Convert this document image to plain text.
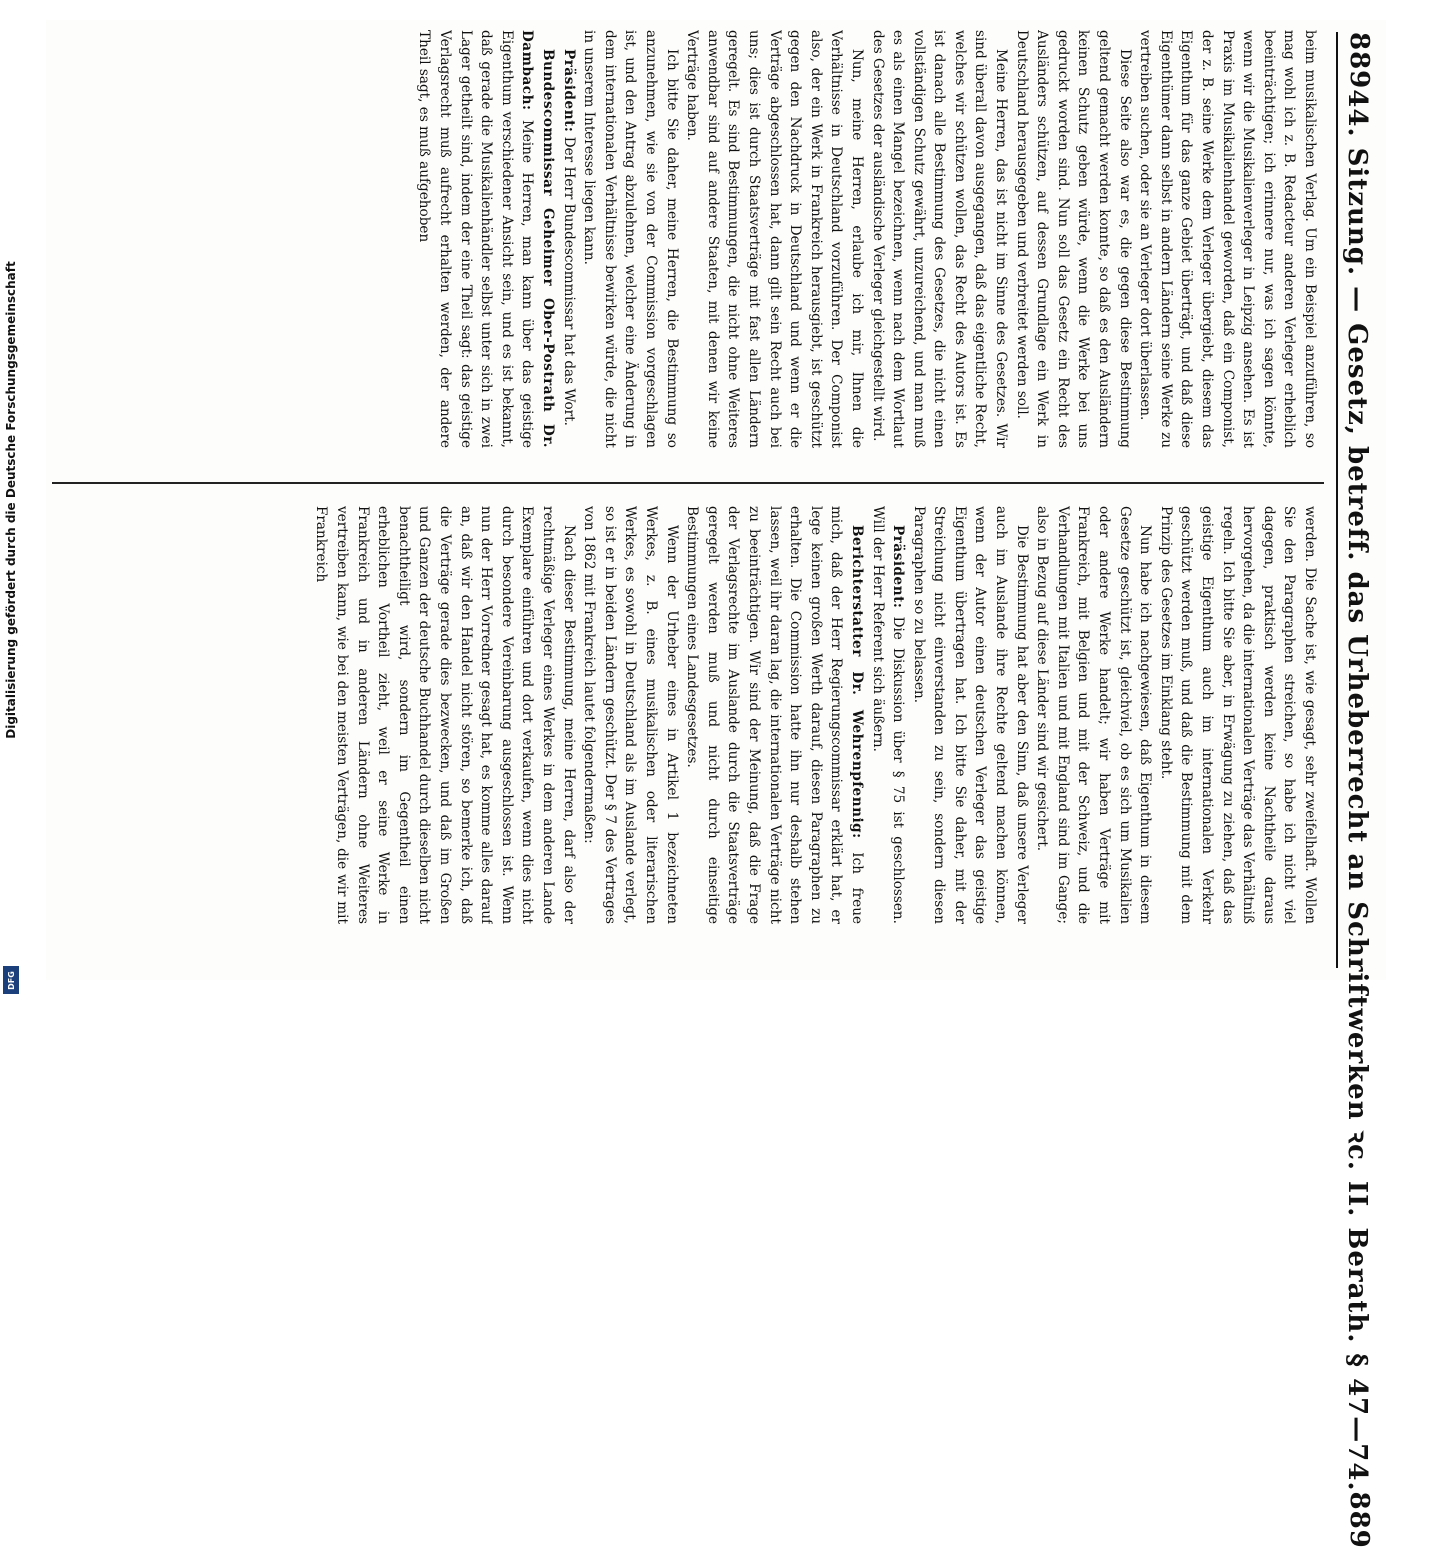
889
44. Sitzung. — Gesetz, betreff. das Urheberrecht an Schriftwerken ꝛc. II. Berath. § 47—74.
889

beim musikalischen Verlag. Um ein Beispiel anzuführen, so mag wohl ich z. B. Redacteur anderen Verleger erheblich beeinträchtigen; ich erinnere nur, was ich sagen könnte, wenn wir die Musikalienverleger in Leipzig ansehen. Es ist Praxis im Musikalienhandel geworden, daß ein Componist, der z. B. seine Werke dem Verleger übergiebt, diesem das Eigenthum für das ganze Gebiet überträgt, und daß diese Eigenthümer dann selbst in andern Ländern seine Werke zu vertreiben suchen, oder sie an Verleger dort überlassen.

Diese Seite also war es, die gegen diese Bestimmung geltend gemacht werden konnte, so daß es den Ausländern keinen Schutz geben würde, wenn die Werke bei uns gedruckt worden sind. Nun soll das Gesetz ein Recht des Ausländers schützen, auf dessen Grundlage ein Werk in Deutschland herausgegeben und verbreitet werden soll.

Meine Herren, das ist nicht im Sinne des Gesetzes. Wir sind überall davon ausgegangen, daß das eigentliche Recht, welches wir schützen wollen, das Recht des Autors ist. Es ist danach alle Bestimmung des Gesetzes, die nicht einen vollständigen Schutz gewährt, unzureichend, und man muß es als einen Mangel bezeichnen, wenn nach dem Wortlaut des Gesetzes der ausländische Verleger gleichgestellt wird.

Nun, meine Herren, erlaube ich mir, Ihnen die Verhältnisse in Deutschland vorzuführen. Der Componist also, der ein Werk in Frankreich herausgiebt, ist geschützt gegen den Nachdruck in Deutschland und wenn er die Verträge abgeschlossen hat, dann gilt sein Recht auch bei uns; dies ist durch Staatsverträge mit fast allen Ländern geregelt. Es sind Bestimmungen, die nicht ohne Weiteres anwendbar sind auf andere Staaten, mit denen wir keine Verträge haben.

Ich bitte Sie daher, meine Herren, die Bestimmung so anzunehmen, wie sie von der Commission vorgeschlagen ist, und den Antrag abzulehnen, welcher eine Änderung in dem internationalen Verhältnisse bewirken würde, die nicht in unserem Interesse liegen kann.

Präsident: Der Herr Bundescommissar hat das Wort.

Bundescommissar Geheimer Ober-Postrath Dr. Dambach: Meine Herren, man kann über das geistige Eigenthum verschiedener Ansicht sein, und es ist bekannt, daß gerade die Musikalienhändler selbst unter sich in zwei Lager getheilt sind, indem der eine Theil sagt: das geistige Verlagsrecht muß aufrecht erhalten werden, der andere Theil sagt, es muß aufgehoben

werden. Die Sache ist, wie gesagt, sehr zweifelhaft. Wollen Sie den Paragraphen streichen, so habe ich nicht viel dagegen, praktisch werden keine Nachtheile daraus hervorgehen, da die internationalen Verträge das Verhältniß regeln. Ich bitte Sie aber, in Erwägung zu ziehen, daß das geistige Eigenthum auch im internationalen Verkehr geschützt werden muß, und daß die Bestimmung mit dem Prinzip des Gesetzes im Einklang steht.

Nun habe ich nachgewiesen, daß Eigenthum in diesem Gesetze geschützt ist, gleichviel, ob es sich um Musikalien oder andere Werke handelt; wir haben Verträge mit Frankreich, mit Belgien und mit der Schweiz, und die Verhandlungen mit Italien und mit England sind im Gange; also in Bezug auf diese Länder sind wir gesichert.

Die Bestimmung hat aber den Sinn, daß unsere Verleger auch im Auslande ihre Rechte geltend machen können, wenn der Autor einen deutschen Verleger das geistige Eigenthum übertragen hat. Ich bitte Sie daher, mit der Streichung nicht einverstanden zu sein, sondern diesen Paragraphen so zu belassen.

Präsident: Die Diskussion über § 75 ist geschlossen. Will der Herr Referent sich äußern.

Berichterstatter Dr. Wehrenpfennig: Ich freue mich, daß der Herr Regierungscommissar erklärt hat, er lege keinen großen Werth darauf, diesen Paragraphen zu erhalten. Die Commission hatte ihn nur deshalb stehen lassen, weil ihr daran lag, die internationalen Verträge nicht zu beeinträchtigen. Wir sind der Meinung, daß die Frage der Verlagsrechte im Auslande durch die Staatsverträge geregelt werden muß und nicht durch einseitige Bestimmungen eines Landesgesetzes.

Wenn der Urheber eines in Artikel 1 bezeichneten Werkes, z. B. eines musikalischen oder literarischen Werkes, es sowohl in Deutschland als im Auslande verlegt, so ist er in beiden Ländern geschützt. Der § 7 des Vertrages von 1862 mit Frankreich lautet folgendermaßen:

Nach dieser Bestimmung, meine Herren, darf also der rechtmäßige Verleger eines Werkes in dem anderen Lande Exemplare einführen und dort verkaufen, wenn dies nicht durch besondere Vereinbarung ausgeschlossen ist. Wenn nun der Herr Vorredner gesagt hat, es komme alles darauf an, daß wir den Handel nicht stören, so bemerke ich, daß die Verträge gerade dies bezwecken, und daß im Großen und Ganzen der deutsche Buchhandel durch dieselben nicht benachtheiligt wird, sondern im Gegentheil einen erheblichen Vortheil zieht, weil er seine Werke in Frankreich und in anderen Ländern ohne Weiteres vertreiben kann, wie bei den meisten Verträgen, die wir mit Frankreich

Digitalisierung gefördert durch die Deutsche Forschungsgemeinschaft
DFG
